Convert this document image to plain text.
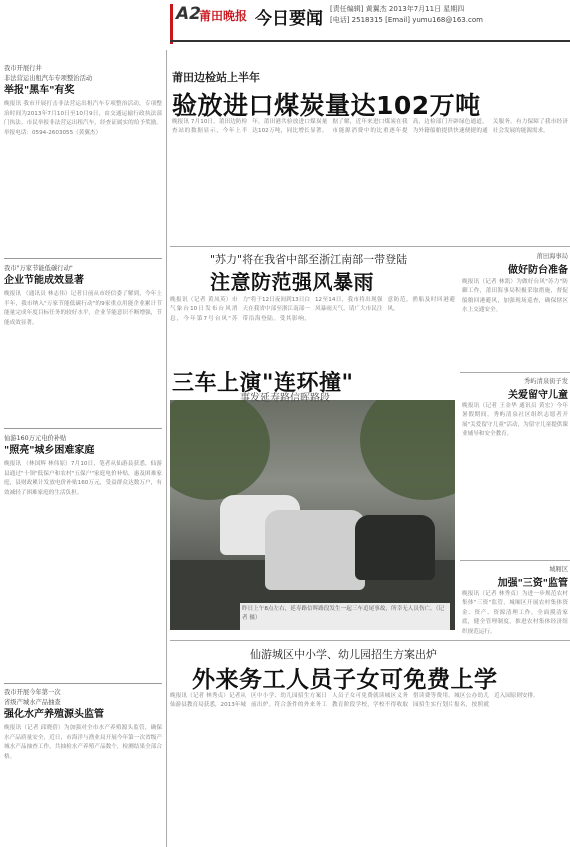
A2
莆田晚报 今日要闻 [责任编辑] 黄翼杰 2013年7月11日 星期四
[电话] 2518315 [Email] yumu168@163.com
我市开展行井
非法营运出租汽车专项整治活动
举报"黑车"有奖
晚报讯 我市开展打击非法营运出租汽车专项整治活动，专项整治时间为2013年7月10日至10月9日，由交通运输行政执法部门执法。市民举报非法营运出租汽车，经查证属实的给予奖励。举报电话：0594-2603055（黄翼杰）
我市"万家节能低碳行动"
企业节能成效显著
晚报讯 （通讯员 林志伟）记者日前从市经信委了解到，今年上半年，我市纳入"万家节能低碳行动"的9家重点用能企业累计节能量完成年度目标任务的较好水平，企业节能意识不断增强，节能成效显著。
仙游160万元电价补贴
"照亮"城乡困难家庭
晚报讯 （林国辉 林伟原）7月10日，笔者从仙游县获悉，仙游县通过"十领"低保户和农村"五保户"家庭电价补贴，惠及困难家庭，县财政累计发放电价补贴160万元，受益群众达数万户，有效减轻了困难家庭的生活负担。
我市开展今年第一次
省级产城水产品抽查
强化水产养殖源头监管
晚报讯（记者 邱晓蓓）为加强对全市水产养殖源头监管，确保水产品质量安全，近日，市海洋与渔业局开展今年第一次省级产城水产品抽查工作，共抽检水产养殖产品数个，检测结果全部合格。
莆田边检站上半年
验放进口煤炭量达102万吨
晚报讯 7月10日，莆田边防检查站的数据显示，今年上半年，莆田港共验放进口煤炭量达102万吨，同比增长显著。据了解，近年来进口煤炭在我市能源消费中的比重逐年提高，边检部门开辟绿色通道，为外籍船舶提供快速便捷的通关服务，有力保障了我市经济社会发展的能源需求。
"苏力"将在我省中部至浙江南部一带登陆
注意防范强风暴雨
莆田海事局
做好防台准备
晚报讯（记者 黄凤英）市气象台10日发布台风消息，今年第7号台风"苏力"将于12日夜间到13日白天在我省中部至浙江南部一带沿海登陆。受其影响，12至14日，我市将出现强风暴雨天气，请广大市民注意防范，渔船及时回港避风。
晚报讯（记者 林凯）为做好台风"苏力"防御工作，莆田海事局积极采取措施，督促船舶回港避风，加强现场巡查，确保辖区水上交通安全。
秀屿清泉街子发
关爱留守儿童
晚报讯（记者 王金华 通讯员 黄宏）今年暑假期间，秀屿清泉社区组织志愿者开展"关爱留守儿童"活动，为留守儿童提供课业辅导和安全教育。
三车上演"连环撞"
事发延寿路信晖路段
昨日上午8点左右，延寿路信晖路段发生一起三车追尾事故，所幸无人员伤亡。（记者 摄）
城厢区
加强"三资"监管
晚报讯（记者 林秀贞）为进一步规范农村集体"三资"监管，城厢区开展农村集体资金、资产、资源清理工作，全面摸清家底，健全管理制度，推进农村集体经济组织规范运行。
仙游城区中小学、幼儿园招生方案出炉
外来务工人员子女可免费上学
晚报讯（记者 林秀贞）记者从仙游县教育局获悉，2013年城区中小学、幼儿园招生方案日前出炉。符合条件的外来务工人员子女可免费就读城区义务教育阶段学校，学校不得收取借读费等费用。城区公办幼儿园招生实行划片报名，按照就近入园原则安排。
